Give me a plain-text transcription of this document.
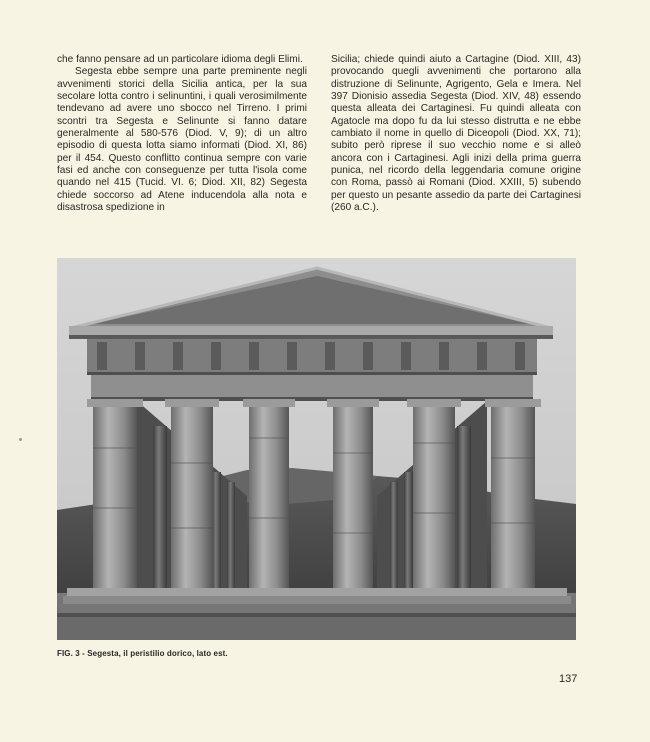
che fanno pensare ad un particolare idioma degli Elimi.

Segesta ebbe sempre una parte preminente negli avvenimenti storici della Sicilia antica, per la sua secolare lotta contro i selinuntini, i quali verosimilmente tendevano ad avere uno sbocco nel Tirreno. I primi scontri tra Segesta e Selinunte si fanno datare generalmente al 580-576 (Diod. V, 9); di un altro episodio di questa lotta siamo informati (Diod. XI, 86) per il 454. Questo conflitto continua sempre con varie fasi ed anche con conseguenze per tutta l'isola come quando nel 415 (Tucid. VI. 6; Diod. XII, 82) Segesta chiede soccorso ad Atene inducendola alla nota e disastrosa spedizione in

Sicilia; chiede quindi aiuto a Cartagine (Diod. XIII, 43) provocando quegli avvenimenti che portarono alla distruzione di Selinunte, Agrigento, Gela e Imera. Nel 397 Dionisio assedia Segesta (Diod. XIV, 48) essendo questa alleata dei Cartaginesi. Fu quindi alleata con Agatocle ma dopo fu da lui stesso distrutta e ne ebbe cambiato il nome in quello di Diceopoli (Diod. XX, 71); subito però riprese il suo vecchio nome e si alleò ancora con i Cartaginesi. Agli inizi della prima guerra punica, nel ricordo della leggendaria comune origine con Roma, passò ai Romani (Diod. XXIII, 5) subendo per questo un pesante assedio da parte dei Cartaginesi (260 a.C.).

FIG. 3 - Segesta, il peristilio dorico, lato est.
137
